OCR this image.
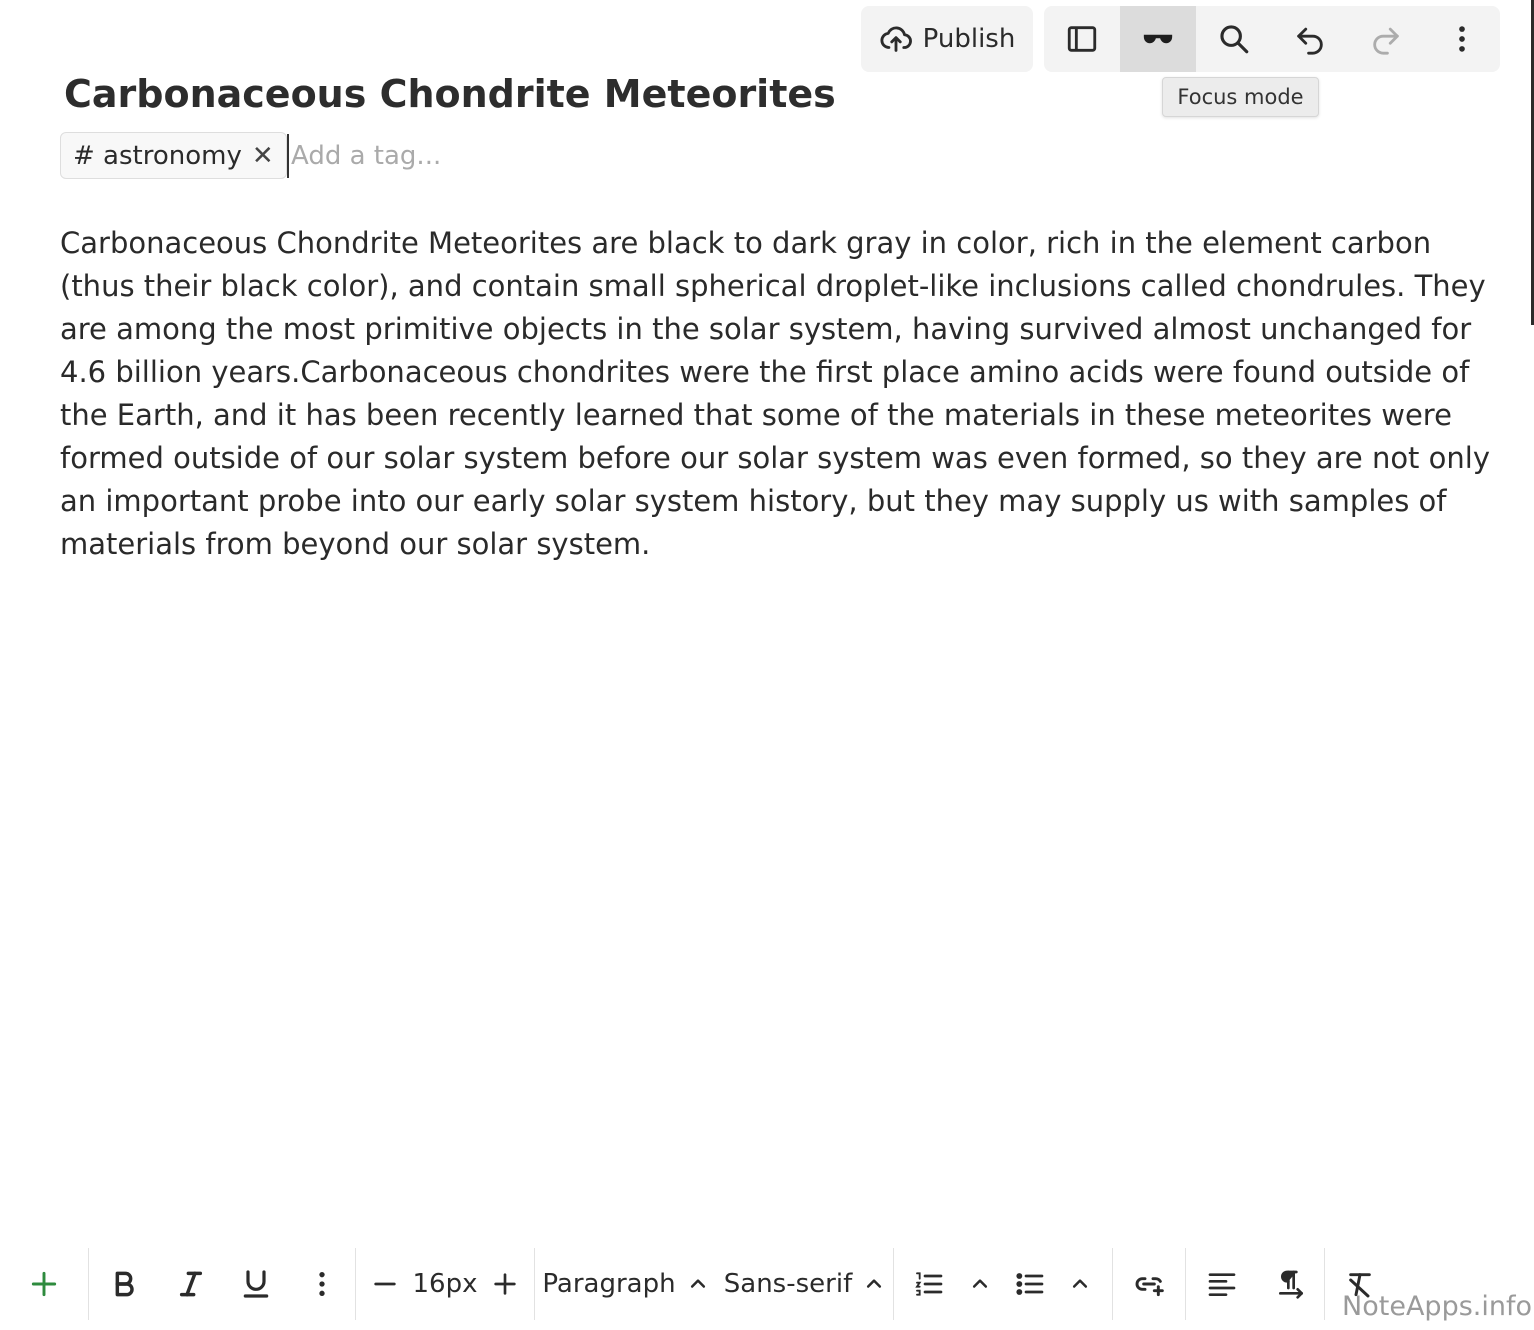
Publish
Focus mode
Carbonaceous Chondrite Meteorites
# astronomy ✕
Add a tag...
Carbonaceous Chondrite Meteorites are black to dark gray in color, rich in the element carbon (thus their black color), and contain small spherical droplet-like inclusions called chondrules. They are among the most primitive objects in the solar system, having survived almost unchanged for 4.6 billion years.Carbonaceous chondrites were the first place amino acids were found outside of the Earth, and it has been recently learned that some of the materials in these meteorites were formed outside of our solar system before our solar system was even formed, so they are not only an important probe into our early solar system history, but they may supply us with samples of materials from beyond our solar system.
16px Paragraph Sans-serif
NoteApps.info
